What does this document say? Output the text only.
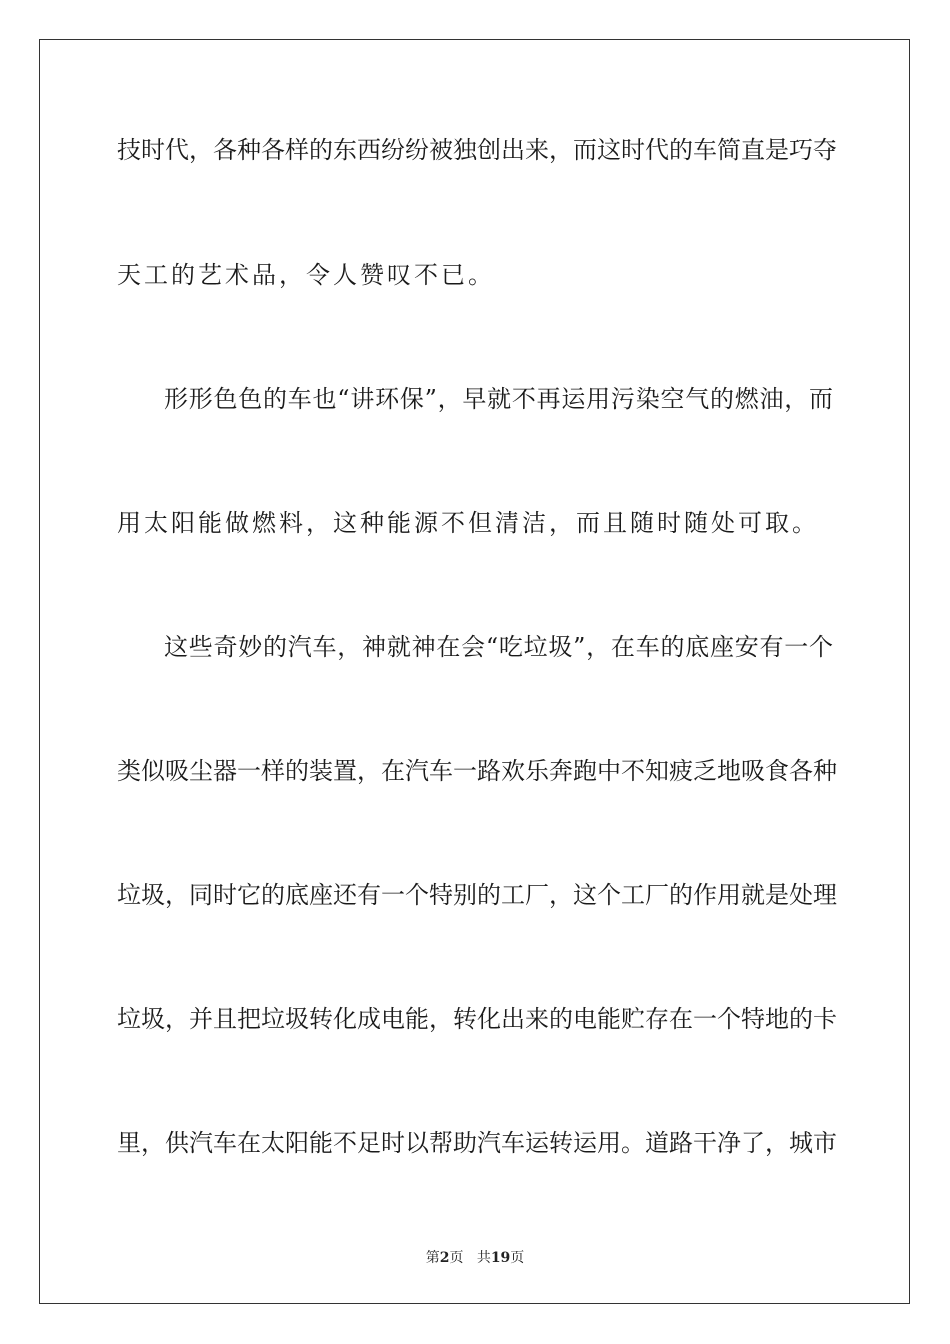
技时代，各种各样的东西纷纷被独创出来，而这时代的车简直是巧夺
天工的艺术品，令人赞叹不已。
形形色色的车也“讲环保”，早就不再运用污染空气的燃油，而
用太阳能做燃料，这种能源不但清洁，而且随时随处可取。
这些奇妙的汽车，神就神在会“吃垃圾”，在车的底座安有一个
类似吸尘器一样的装置，在汽车一路欢乐奔跑中不知疲乏地吸食各种
垃圾，同时它的底座还有一个特别的工厂，这个工厂的作用就是处理
垃圾，并且把垃圾转化成电能，转化出来的电能贮存在一个特地的卡
里，供汽车在太阳能不足时以帮助汽车运转运用。道路干净了，城市
第2页 共19页
